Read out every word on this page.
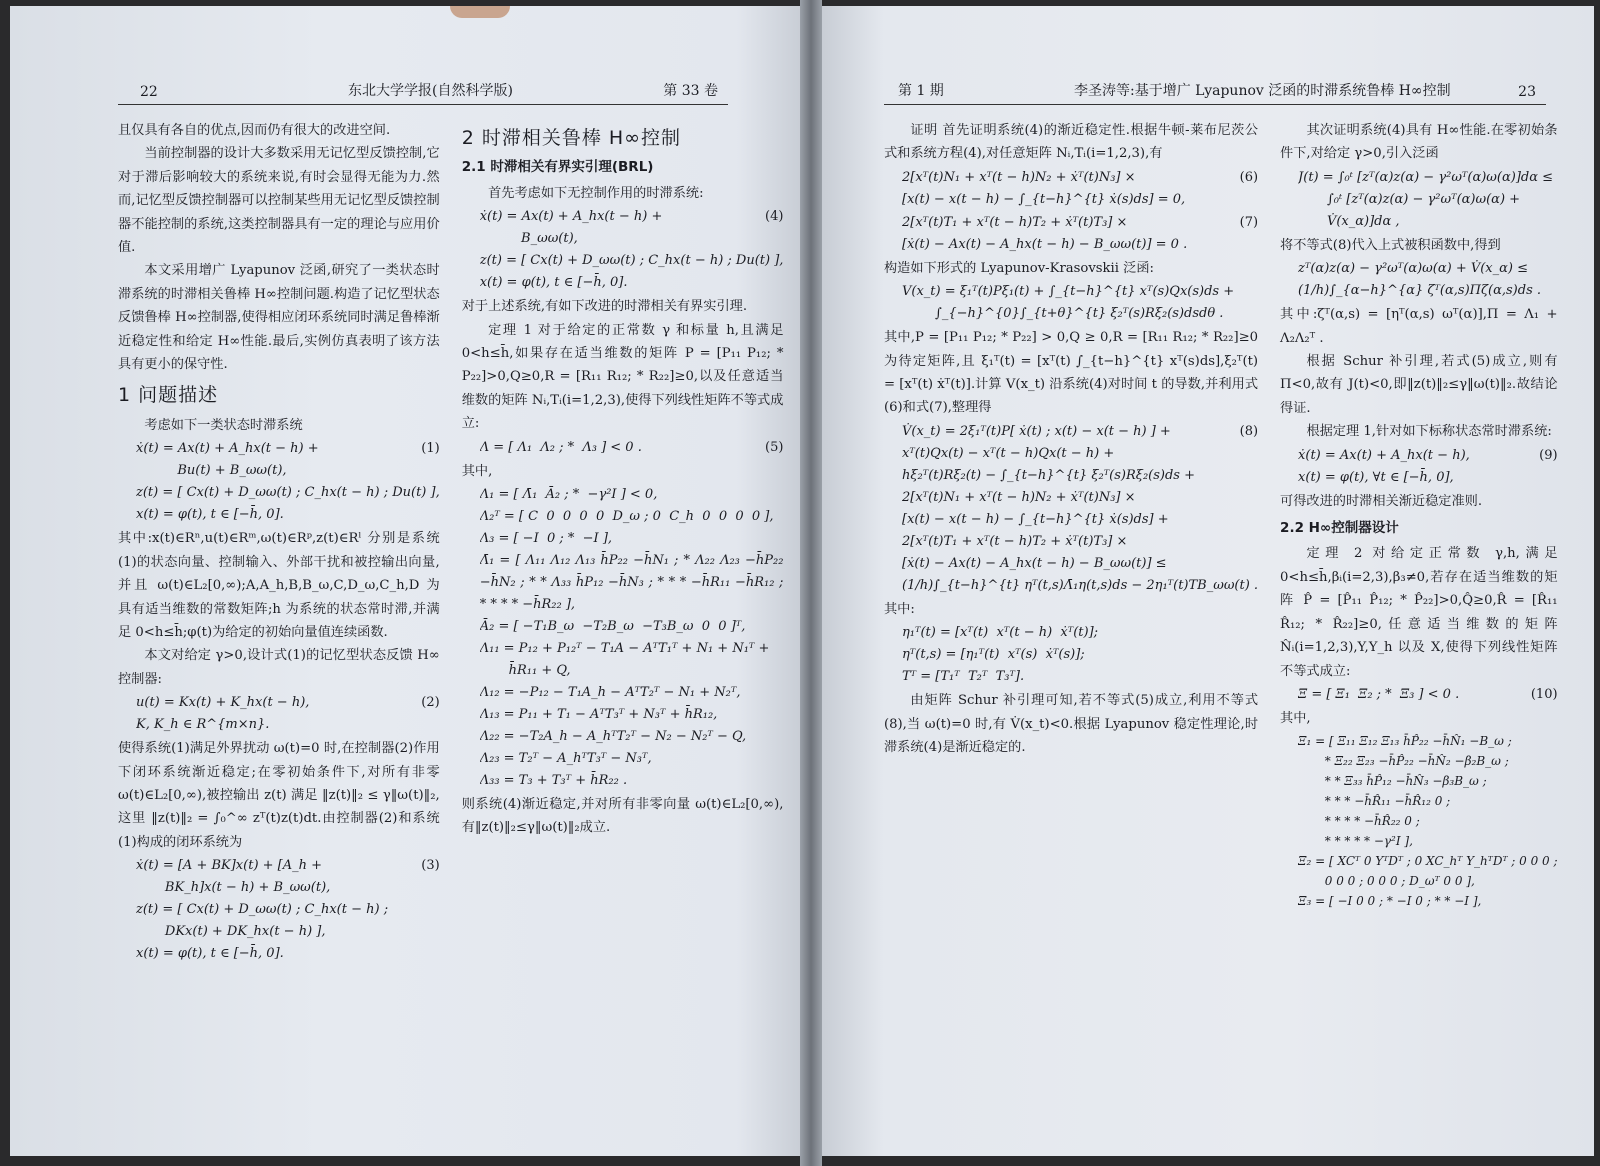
22	东北大学学报(自然科学版)	第 33 卷

且仅具有各自的优点,因而仍有很大的改进空间.

当前控制器的设计大多数采用无记忆型反馈控制,它对于滞后影响较大的系统来说,有时会显得无能为力.然而,记忆型反馈控制器可以控制某些用无记忆型反馈控制器不能控制的系统,这类控制器具有一定的理论与应用价值.

本文采用增广 Lyapunov 泛函,研究了一类状态时滞系统的时滞相关鲁棒 H∞控制问题.构造了记忆型状态反馈鲁棒 H∞控制器,使得相应闭环系统同时满足鲁棒渐近稳定性和给定 H∞性能.最后,实例仿真表明了该方法具有更小的保守性.

1 问题描述

考虑如下一类状态时滞系统

(1)
ẋ(t) = Ax(t) + A_hx(t − h) +
Bu(t) + B_ωω(t),
z(t) = [ Cx(t) + D_ωω(t) ; C_hx(t − h) ; Du(t) ],
x(t) = φ(t), t ∈ [−h̄, 0].

其中:x(t)∈Rⁿ,u(t)∈Rᵐ,ω(t)∈Rᵖ,z(t)∈Rˡ 分别是系统(1)的状态向量、控制输入、外部干扰和被控输出向量,并且 ω(t)∈L₂[0,∞);A,A_h,B,B_ω,C,D_ω,C_h,D 为具有适当维数的常数矩阵;h 为系统的状态常时滞,并满足 0<h≤h̄;φ(t)为给定的初始向量值连续函数.

本文对给定 γ>0,设计式(1)的记忆型状态反馈 H∞控制器:

(2)
u(t) = Kx(t) + K_hx(t − h),
K, K_h ∈ R^{m×n}.

使得系统(1)满足外界扰动 ω(t)=0 时,在控制器(2)作用下闭环系统渐近稳定;在零初始条件下,对所有非零 ω(t)∈L₂[0,∞),被控输出 z(t) 满足 ‖z(t)‖₂ ≤ γ‖ω(t)‖₂,这里 ‖z(t)‖₂ = ∫₀^∞ zᵀ(t)z(t)dt.由控制器(2)和系统(1)构成的闭环系统为

(3)
ẋ(t) = [A + BK]x(t) + [A_h +
BK_h]x(t − h) + B_ωω(t),
z(t) = [ Cx(t) + D_ωω(t) ; C_hx(t − h) ;
DKx(t) + DK_hx(t − h) ],
x(t) = φ(t), t ∈ [−h̄, 0].
2 时滞相关鲁棒 H∞控制
2.1 时滞相关有界实引理(BRL)

首先考虑如下无控制作用的时滞系统:

(4)
ẋ(t) = Ax(t) + A_hx(t − h) +
B_ωω(t),
z(t) = [ Cx(t) + D_ωω(t) ; C_hx(t − h) ; Du(t) ],
x(t) = φ(t), t ∈ [−h̄, 0].

对于上述系统,有如下改进的时滞相关有界实引理.

定理 1 对于给定的正常数 γ 和标量 h,且满足 0<h≤h̄,如果存在适当维数的矩阵 P = [P₁₁ P₁₂; * P₂₂]>0,Q≥0,R = [R₁₁ R₁₂; * R₂₂]≥0,以及任意适当维数的矩阵 Nᵢ,Tᵢ(i=1,2,3),使得下列线性矩阵不等式成立:

(5)
Λ = [ Λ₁  Λ₂ ; *  Λ₃ ] < 0 .

其中,

Λ₁ = [ Λ̄₁  Ā₂ ; *  −γ²I ] < 0,
Λ₂ᵀ = [ C  0  0  0  0  D_ω ; 0  C_h  0  0  0  0 ],
Λ₃ = [ −I  0 ; *  −I ],
Λ̄₁ = [ Λ₁₁ Λ₁₂ Λ₁₃ h̄P₂₂ −h̄N₁ ; * Λ₂₂ Λ₂₃ −h̄P₂₂ −h̄N₂ ; * * Λ₃₃ h̄P₁₂ −h̄N₃ ; * * * −h̄R₁₁ −h̄R₁₂ ; * * * * −h̄R₂₂ ],
Ā₂ = [ −T₁B_ω  −T₂B_ω  −T₃B_ω  0  0 ]ᵀ,
Λ₁₁ = P₁₂ + P₁₂ᵀ − T₁A − AᵀT₁ᵀ + N₁ + N₁ᵀ +
h̄R₁₁ + Q,
Λ₁₂ = −P₁₂ − T₁A_h − AᵀT₂ᵀ − N₁ + N₂ᵀ,
Λ₁₃ = P₁₁ + T₁ − AᵀT₃ᵀ + N₃ᵀ + h̄R₁₂,
Λ₂₂ = −T₂A_h − A_hᵀT₂ᵀ − N₂ − N₂ᵀ − Q,
Λ₂₃ = T₂ᵀ − A_hᵀT₃ᵀ − N₃ᵀ,
Λ₃₃ = T₃ + T₃ᵀ + h̄R₂₂ .

则系统(4)渐近稳定,并对所有非零向量 ω(t)∈L₂[0,∞),有‖z(t)‖₂≤γ‖ω(t)‖₂成立.

第 1 期	李圣涛等:基于增广 Lyapunov 泛函的时滞系统鲁棒 H∞控制	23

证明 首先证明系统(4)的渐近稳定性.根据牛顿-莱布尼茨公式和系统方程(4),对任意矩阵 Nᵢ,Tᵢ(i=1,2,3),有

(6)
2[xᵀ(t)N₁ + xᵀ(t − h)N₂ + ẋᵀ(t)N₃] ×
[x(t) − x(t − h) − ∫_{t−h}^{t} ẋ(s)ds] = 0,
(7)
2[xᵀ(t)T₁ + xᵀ(t − h)T₂ + ẋᵀ(t)T₃] ×
[ẋ(t) − Ax(t) − A_hx(t − h) − B_ωω(t)] = 0 .

构造如下形式的 Lyapunov-Krasovskii 泛函:

V(x_t) = ξ₁ᵀ(t)Pξ₁(t) + ∫_{t−h}^{t} xᵀ(s)Qx(s)ds +
∫_{−h}^{0}∫_{t+θ}^{t} ξ₂ᵀ(s)Rξ₂(s)dsdθ .

其中,P = [P₁₁ P₁₂; * P₂₂] > 0,Q ≥ 0,R = [R₁₁ R₁₂; * R₂₂]≥0 为待定矩阵,且 ξ₁ᵀ(t) = [xᵀ(t) ∫_{t−h}^{t} xᵀ(s)ds],ξ₂ᵀ(t) = [xᵀ(t) ẋᵀ(t)].计算 V(x_t) 沿系统(4)对时间 t 的导数,并利用式(6)和式(7),整理得

(8)
V̇(x_t) = 2ξ₁ᵀ(t)P[ ẋ(t) ; x(t) − x(t − h) ] +
xᵀ(t)Qx(t) − xᵀ(t − h)Qx(t − h) +
hξ₂ᵀ(t)Rξ₂(t) − ∫_{t−h}^{t} ξ₂ᵀ(s)Rξ₂(s)ds +
2[xᵀ(t)N₁ + xᵀ(t − h)N₂ + ẋᵀ(t)N₃] ×
[x(t) − x(t − h) − ∫_{t−h}^{t} ẋ(s)ds] +
2[xᵀ(t)T₁ + xᵀ(t − h)T₂ + ẋᵀ(t)T₃] ×
[ẋ(t) − Ax(t) − A_hx(t − h) − B_ωω(t)] ≤
(1/h)∫_{t−h}^{t} ηᵀ(t,s)Λ̄₁η(t,s)ds − 2η₁ᵀ(t)TB_ωω(t) .

其中:

η₁ᵀ(t) = [xᵀ(t)  xᵀ(t − h)  ẋᵀ(t)];
ηᵀ(t,s) = [η₁ᵀ(t)  xᵀ(s)  ẋᵀ(s)];
Tᵀ = [T₁ᵀ  T₂ᵀ  T₃ᵀ].

由矩阵 Schur 补引理可知,若不等式(5)成立,利用不等式(8),当 ω(t)=0 时,有 V̇(x_t)<0.根据 Lyapunov 稳定性理论,时滞系统(4)是渐近稳定的.

其次证明系统(4)具有 H∞性能.在零初始条件下,对给定 γ>0,引入泛函

J(t) = ∫₀ᵗ [zᵀ(α)z(α) − γ²ωᵀ(α)ω(α)]dα ≤
∫₀ᵗ [zᵀ(α)z(α) − γ²ωᵀ(α)ω(α) +
V̇(x_α)]dα ,

将不等式(8)代入上式被积函数中,得到

zᵀ(α)z(α) − γ²ωᵀ(α)ω(α) + V̇(x_α) ≤
(1/h)∫_{α−h}^{α} ζᵀ(α,s)Πζ(α,s)ds .

其中:ζᵀ(α,s) = [ηᵀ(α,s) ωᵀ(α)],Π = Λ₁ + Λ₂Λ₂ᵀ .

根据 Schur 补引理,若式(5)成立,则有 Π<0,故有 J(t)<0,即‖z(t)‖₂≤γ‖ω(t)‖₂.故结论得证.

根据定理 1,针对如下标称状态常时滞系统:

(9)
ẋ(t) = Ax(t) + A_hx(t − h),
x(t) = φ(t), ∀t ∈ [−h̄, 0],

可得改进的时滞相关渐近稳定准则.

2.2 H∞控制器设计

定理 2 对给定正常数 γ,h,满足 0<h≤h̄,βᵢ(i=2,3),β₃≠0,若存在适当维数的矩阵 P̂ = [P̂₁₁ P̂₁₂; * P̂₂₂]>0,Q̂≥0,R̂ = [R̂₁₁ R̂₁₂; * R̂₂₂]≥0,任意适当维数的矩阵 N̂ᵢ(i=1,2,3),Y,Y_h 以及 X,使得下列线性矩阵不等式成立:

(10)
Ξ = [ Ξ₁  Ξ₂ ; *  Ξ₃ ] < 0 .

其中,

Ξ₁ = [ Ξ₁₁ Ξ₁₂ Ξ₁₃ h̄P̂₂₂ −h̄N̂₁ −B_ω ;
* Ξ₂₂ Ξ₂₃ −h̄P̂₂₂ −h̄N̂₂ −β₂B_ω ;
* * Ξ₃₃ h̄P̂₁₂ −h̄N̂₃ −β₃B_ω ;
* * * −h̄R̂₁₁ −h̄R̂₁₂ 0 ;
* * * * −h̄R̂₂₂ 0 ;
* * * * * −γ²I ],
Ξ₂ = [ XCᵀ 0 YᵀDᵀ ; 0 XC_hᵀ Y_hᵀDᵀ ; 0 0 0 ;
0 0 0 ; 0 0 0 ; D_ωᵀ 0 0 ],
Ξ₃ = [ −I 0 0 ; * −I 0 ; * * −I ],
